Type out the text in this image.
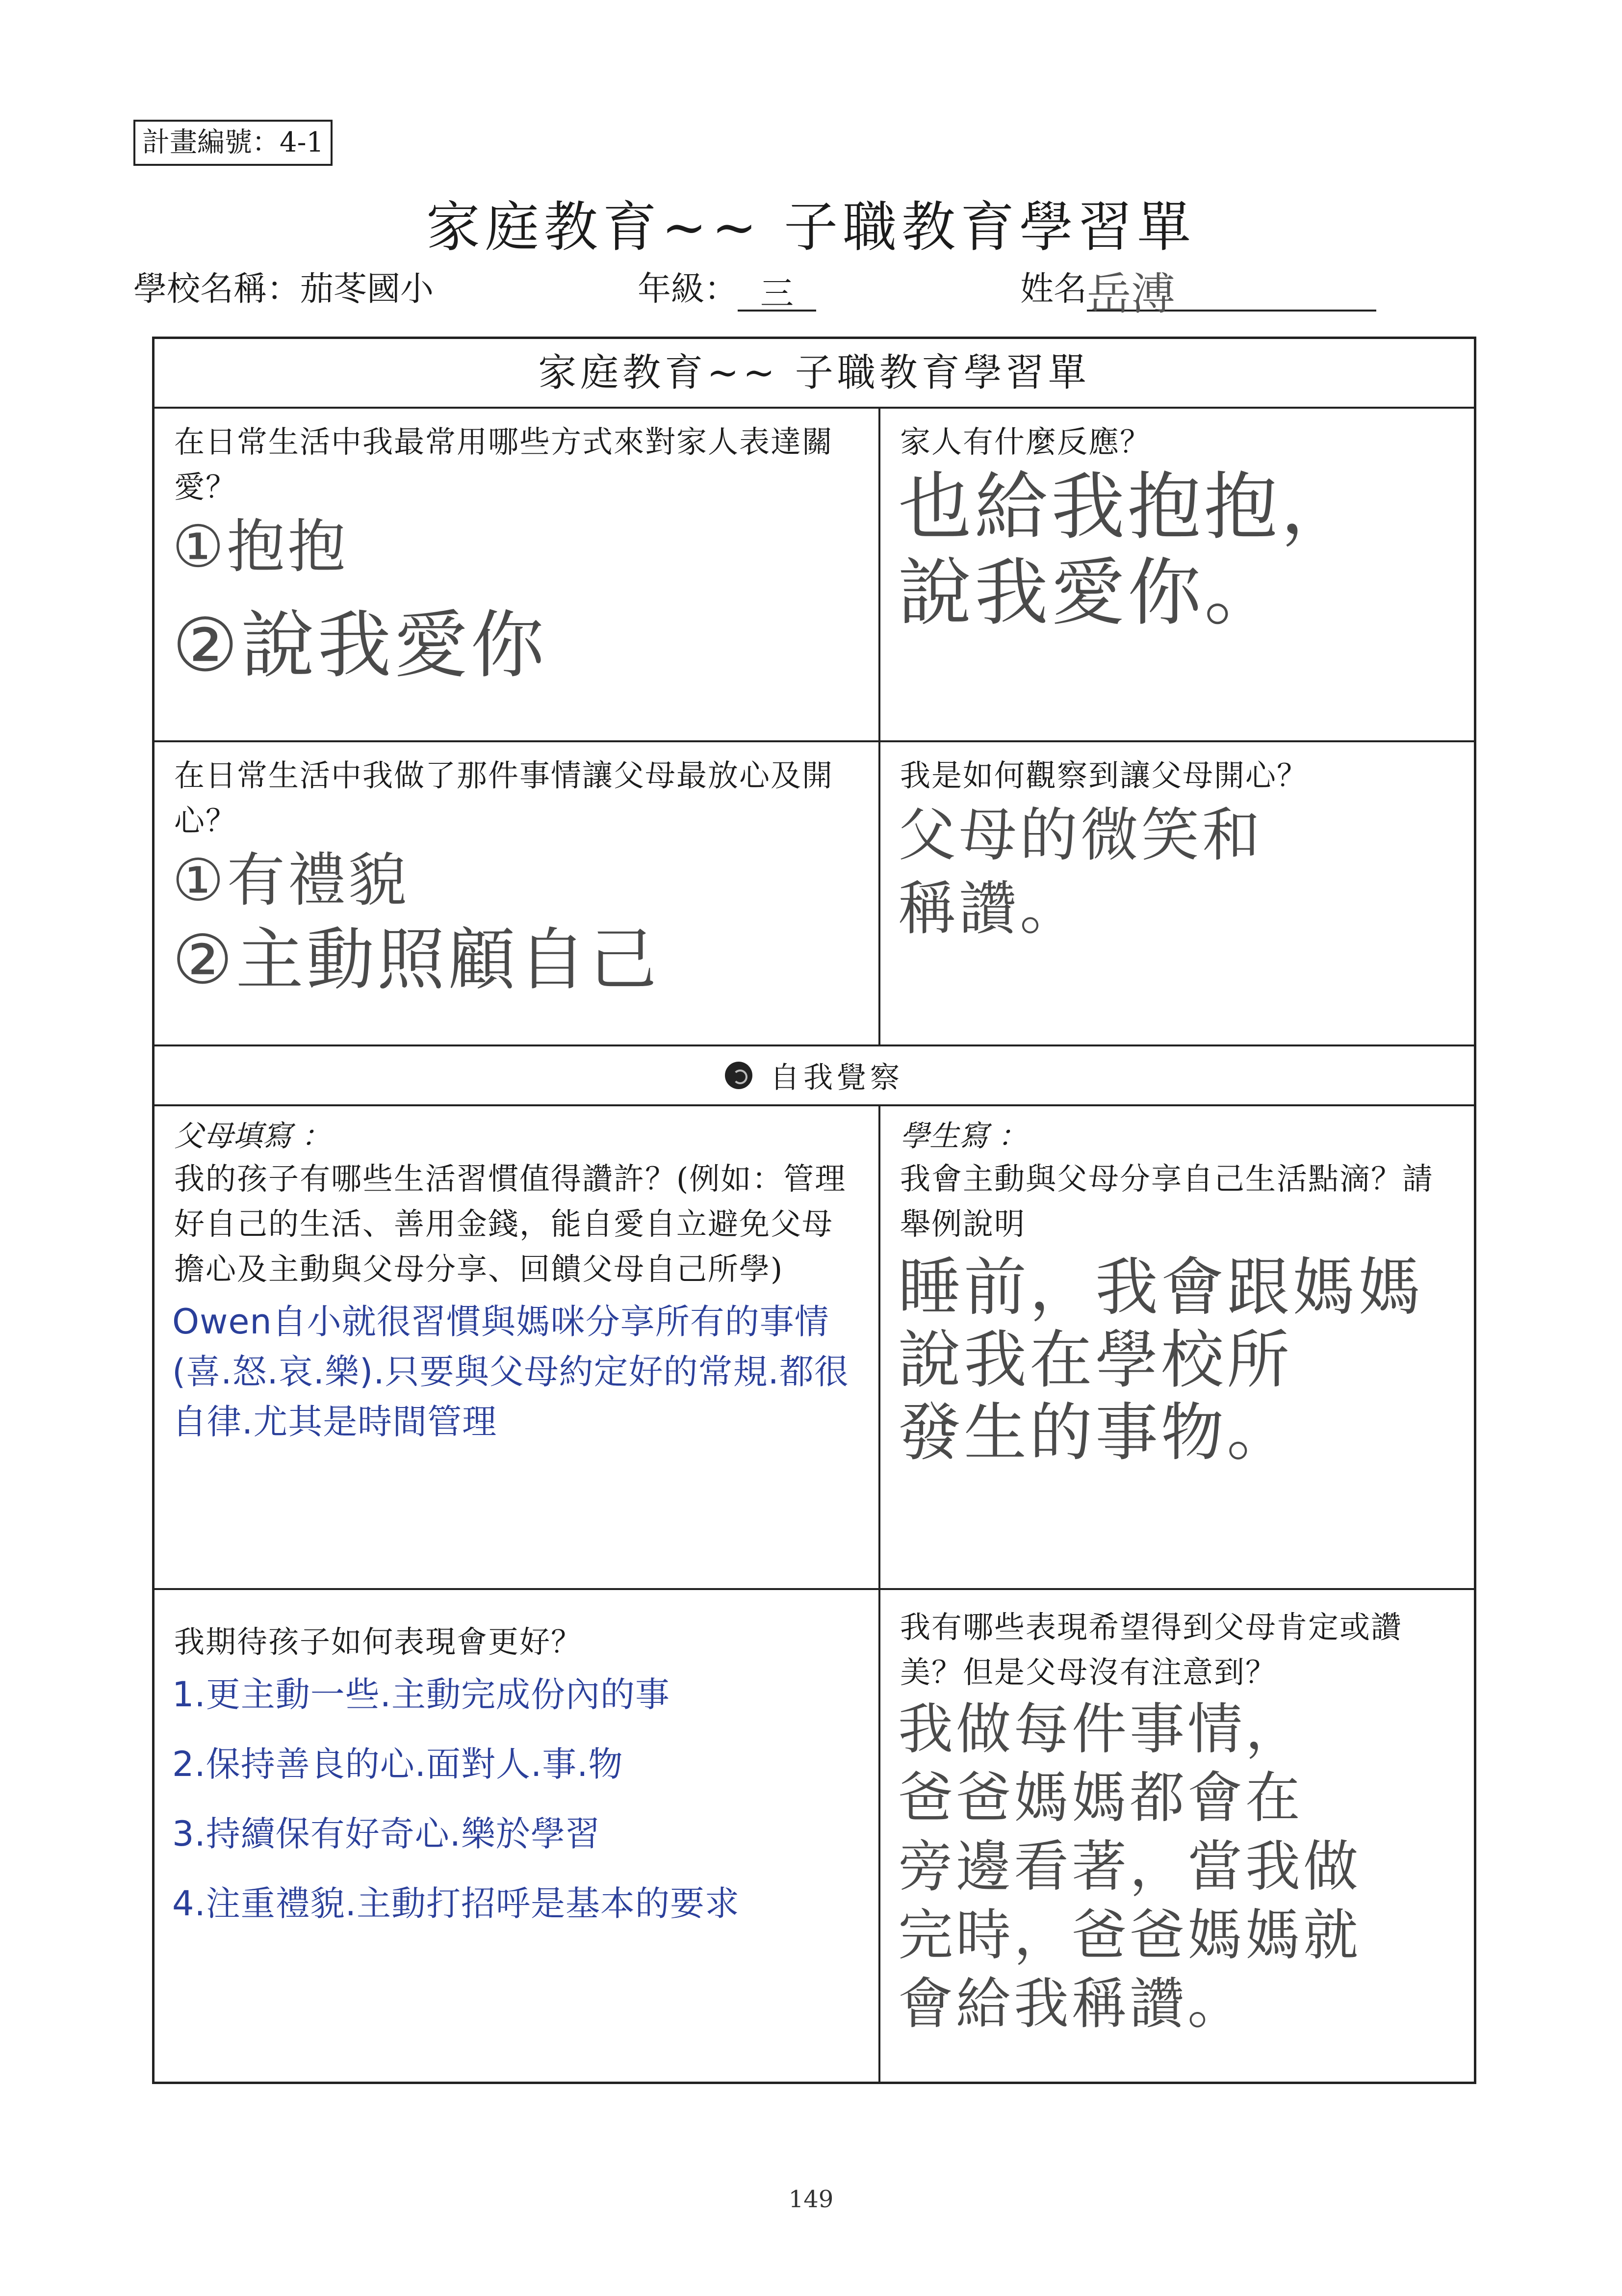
計畫編號：4-1
家庭教育~~ 子職教育學習單
學校名稱：茄苳國小	年級： 三	姓名岳溥
家庭教育~~ 子職教育學習單
在日常生活中我最常用哪些方式來對家人表達關愛？
①抱抱
②說我愛你
家人有什麼反應？
也給我抱抱，
說我愛你。
在日常生活中我做了那件事情讓父母最放心及開心？
①有禮貌
②主動照顧自己
我是如何觀察到讓父母開心？
父母的微笑和
稱讚。
自我覺察
父母填寫 ：
我的孩子有哪些生活習慣值得讚許？(例如：管理好自己的生活、善用金錢，能自愛自立避免父母擔心及主動與父母分享、回饋父母自己所學)
Owen自小就很習慣與媽咪分享所有的事情(喜.怒.哀.樂).只要與父母約定好的常規.都很自律.尤其是時間管理
學生寫 ：
我會主動與父母分享自己生活點滴？請舉例說明
睡前，我會跟媽媽
說我在學校所
發生的事物。
我期待孩子如何表現會更好？
1.更主動一些.主動完成份內的事
2.保持善良的心.面對人.事.物
3.持續保有好奇心.樂於學習
4.注重禮貌.主動打招呼是基本的要求
我有哪些表現希望得到父母肯定或讚美？但是父母沒有注意到？
我做每件事情，
爸爸媽媽都會在
旁邊看著，當我做
完時，爸爸媽媽就
會給我稱讚。
149
